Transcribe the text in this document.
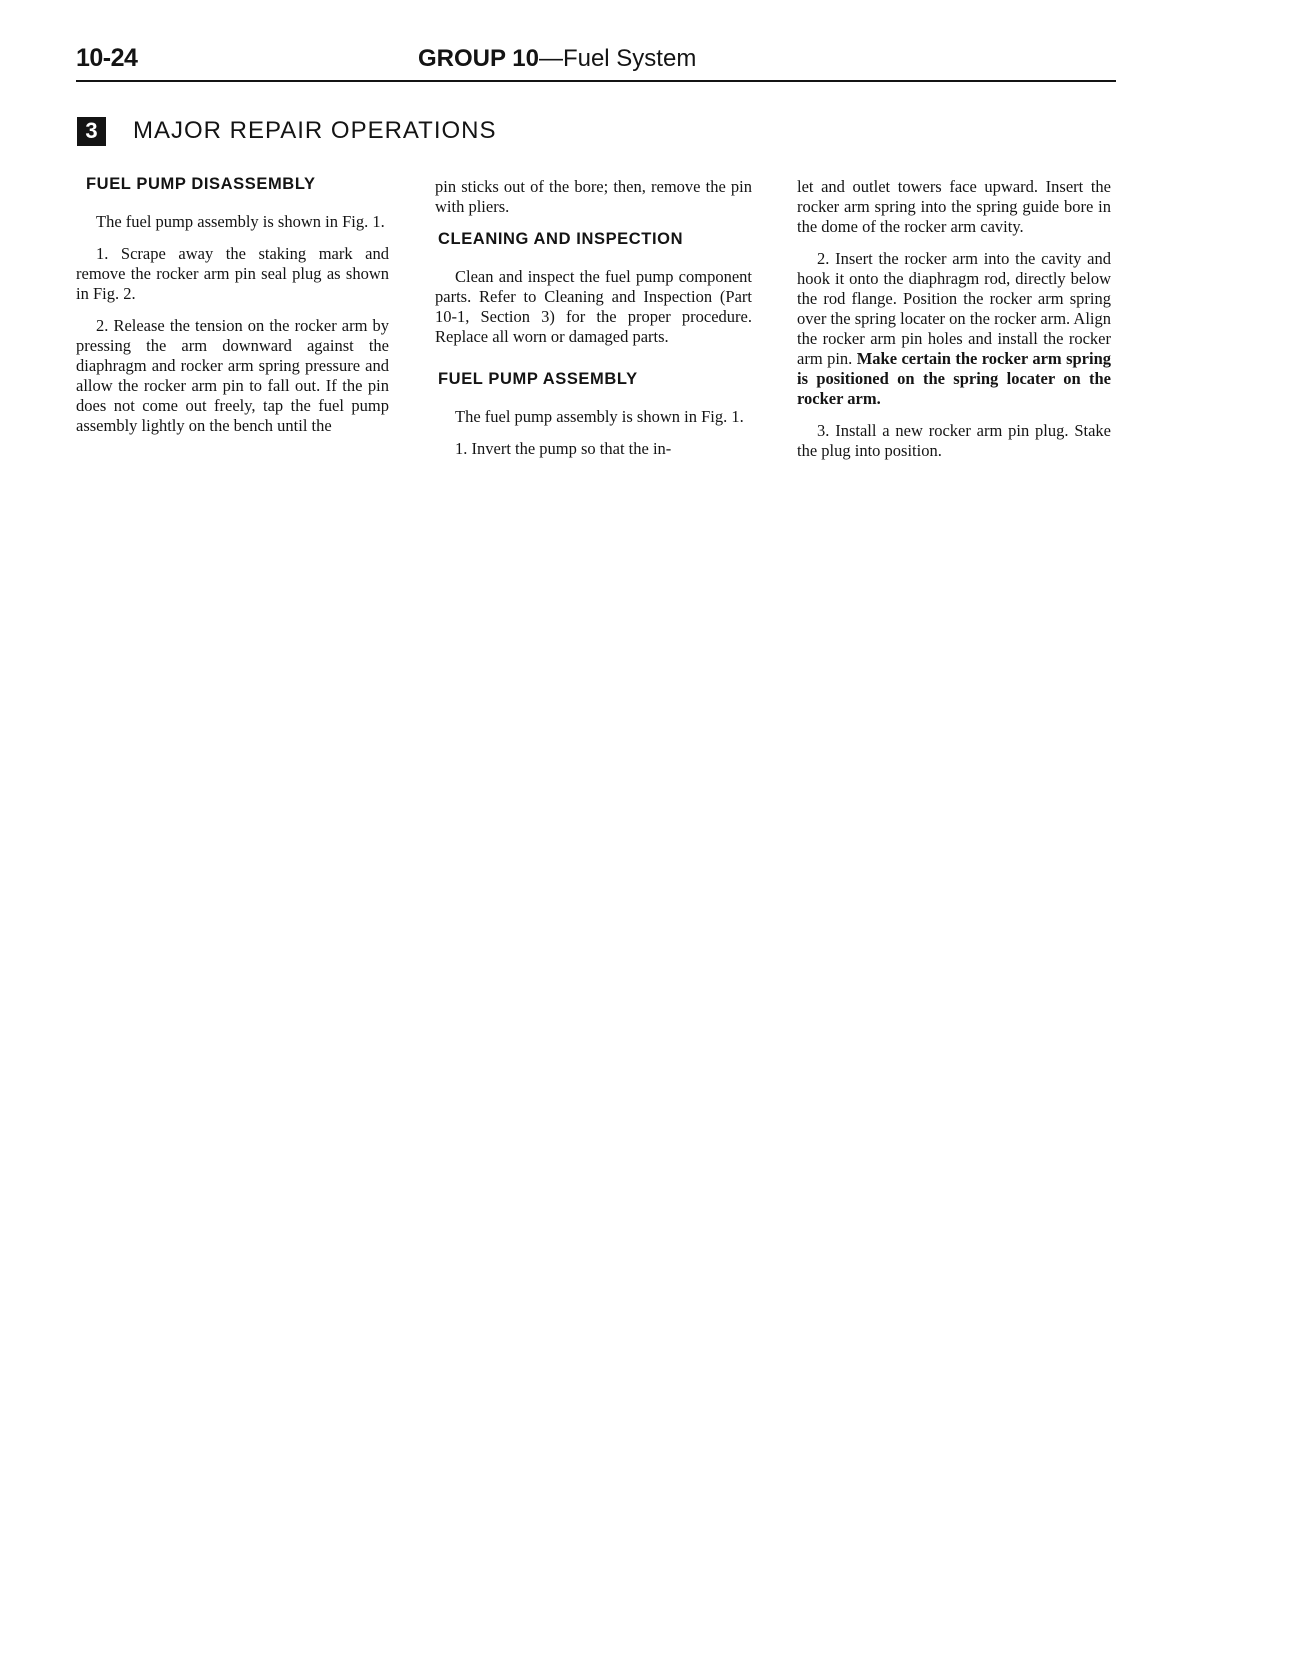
10-24	GROUP 10—Fuel System
3	MAJOR REPAIR OPERATIONS
FUEL PUMP DISASSEMBLY

The fuel pump assembly is shown in Fig. 1.

1. Scrape away the staking mark and remove the rocker arm pin seal plug as shown in Fig. 2.

2. Release the tension on the rocker arm by pressing the arm downward against the diaphragm and rocker arm spring pressure and allow the rocker arm pin to fall out. If the pin does not come out freely, tap the fuel pump assembly lightly on the bench until the

pin sticks out of the bore; then, remove the pin with pliers.

CLEANING AND INSPECTION

Clean and inspect the fuel pump component parts. Refer to Cleaning and Inspection (Part 10-1, Section 3) for the proper procedure. Replace all worn or damaged parts.

FUEL PUMP ASSEMBLY

The fuel pump assembly is shown in Fig. 1.

1. Invert the pump so that the in-

let and outlet towers face upward. Insert the rocker arm spring into the spring guide bore in the dome of the rocker arm cavity.

2. Insert the rocker arm into the cavity and hook it onto the diaphragm rod, directly below the rod flange. Position the rocker arm spring over the spring locater on the rocker arm. Align the rocker arm pin holes and install the rocker arm pin. Make certain the rocker arm spring is positioned on the spring locater on the rocker arm.

3. Install a new rocker arm pin plug. Stake the plug into position.
